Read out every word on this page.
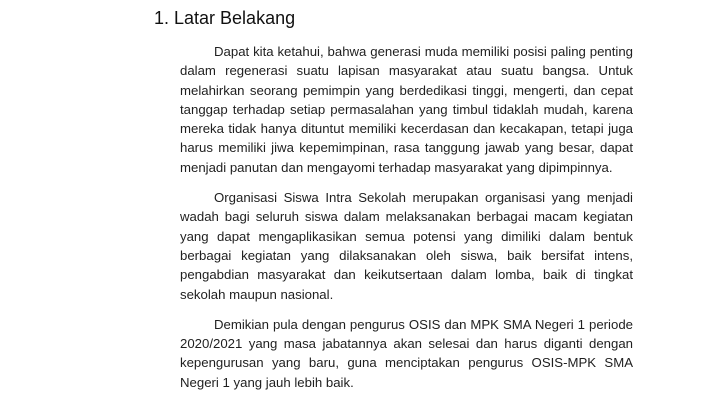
1. Latar Belakang

Dapat kita ketahui, bahwa generasi muda memiliki posisi paling penting dalam regenerasi suatu lapisan masyarakat atau suatu bangsa. Untuk melahirkan seorang pemimpin yang berdedikasi tinggi, mengerti, dan cepat tanggap terhadap setiap permasalahan yang timbul tidaklah mudah, karena mereka tidak hanya dituntut memiliki kecerdasan dan kecakapan, tetapi juga harus memiliki jiwa kepemimpinan, rasa tanggung jawab yang besar, dapat menjadi panutan dan mengayomi terhadap masyarakat yang dipimpinnya.

Organisasi Siswa Intra Sekolah merupakan organisasi yang menjadi wadah bagi seluruh siswa dalam melaksanakan berbagai macam kegiatan yang dapat mengaplikasikan semua potensi yang dimiliki dalam bentuk berbagai kegiatan yang dilaksanakan oleh siswa, baik bersifat intens, pengabdian masyarakat dan keikutsertaan dalam lomba, baik di tingkat sekolah maupun nasional.

Demikian pula dengan pengurus OSIS dan MPK SMA Negeri 1 periode 2020/2021 yang masa jabatannya akan selesai dan harus diganti dengan kepengurusan yang baru, guna menciptakan pengurus OSIS-MPK SMA Negeri 1 yang jauh lebih baik.
